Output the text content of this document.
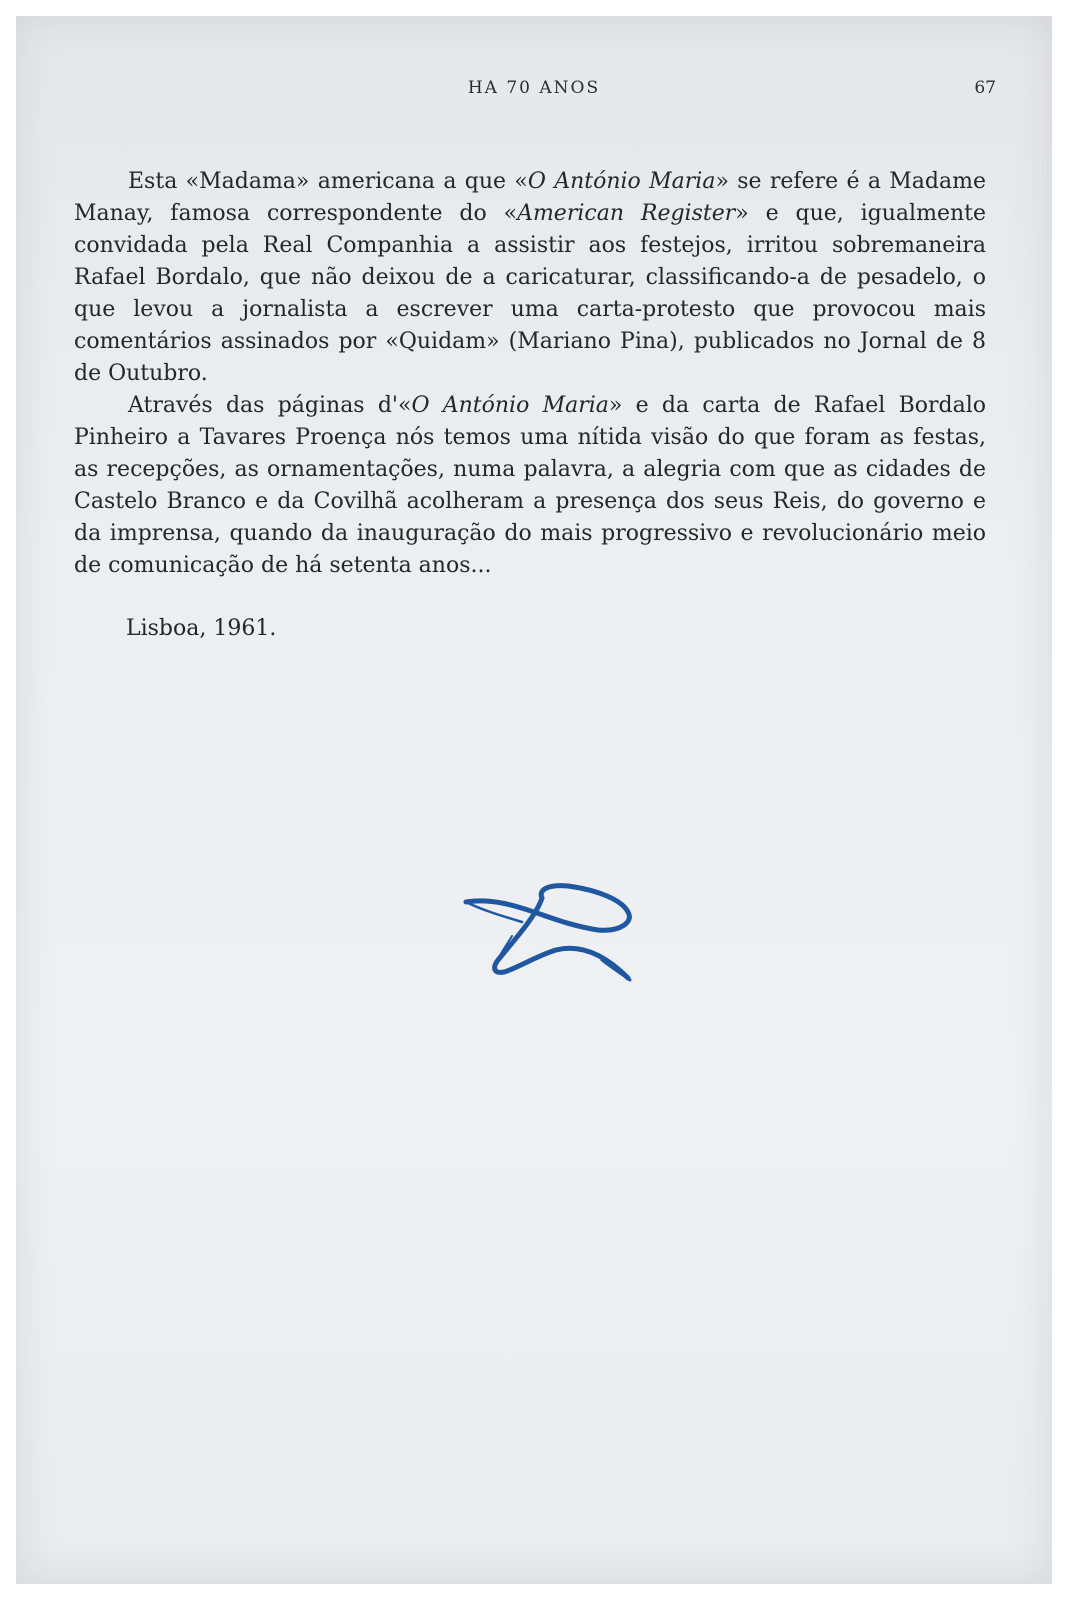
HA 70 ANOS	67

Esta «Madama» americana a que «O António Maria» se refere é a Madame Manay, famosa correspondente do «American Register» e que, igualmente convidada pela Real Companhia a assistir aos festejos, irritou sobremaneira Rafael Bordalo, que não deixou de a caricaturar, classificando-a de pesadelo, o que levou a jornalista a escrever uma carta-protesto que provocou mais comentários assinados por «Quidam» (Mariano Pina), publicados no Jornal de 8 de Outubro.

Através das páginas d'«O António Maria» e da carta de Rafael Bordalo Pinheiro a Tavares Proença nós temos uma nítida visão do que foram as festas, as recepções, as ornamentações, numa palavra, a alegria com que as cidades de Castelo Branco e da Covilhã acolheram a presença dos seus Reis, do governo e da imprensa, quando da inauguração do mais progressivo e revolucionário meio de comunicação de há setenta anos...

Lisboa, 1961.
